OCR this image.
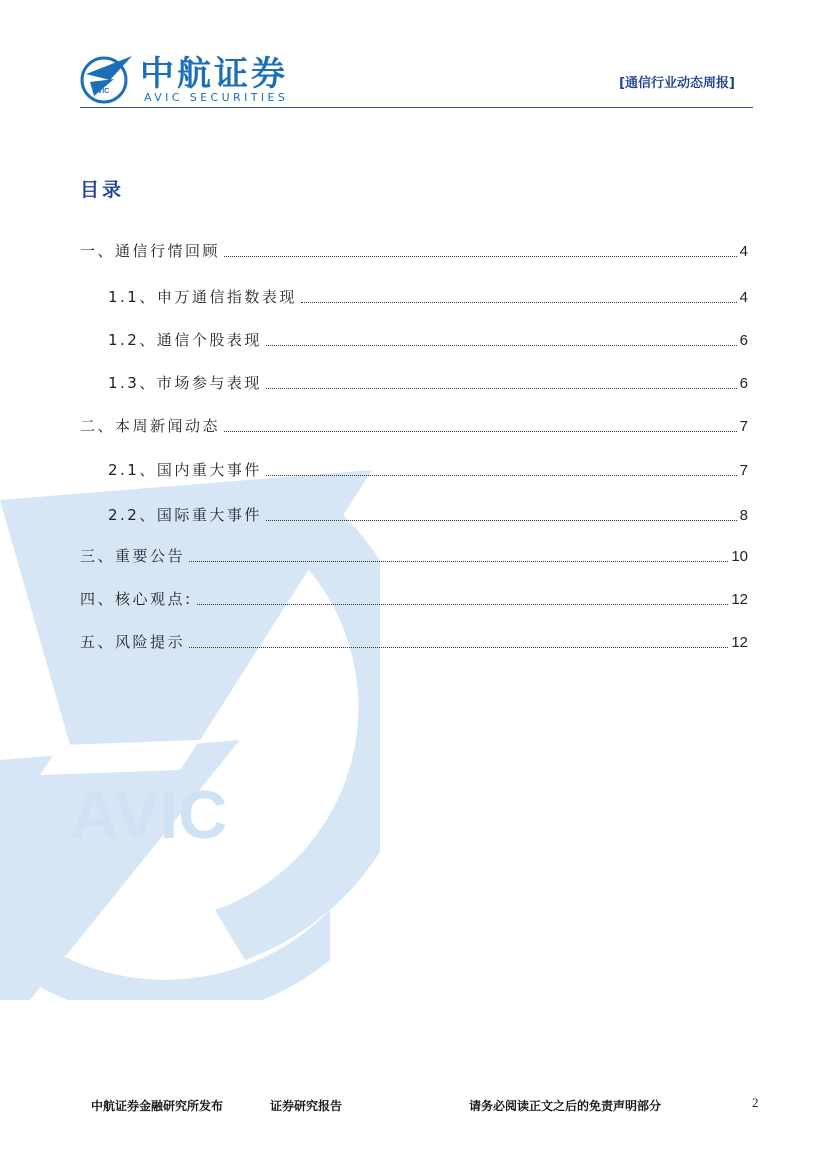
AVIC
AVIC 中航证券
AVIC SECURITIES
[通信行业动态周报]
目录
一、通信行情回顾	4
1.1、申万通信指数表现	4
1.2、通信个股表现	6
1.3、市场参与表现	6
二、本周新闻动态	7
2.1、国内重大事件	7
2.2、国际重大事件	8
三、重要公告	10
四、核心观点:	12
五、风险提示	12
中航证券金融研究所发布	证券研究报告	请务必阅读正文之后的免责声明部分	2
